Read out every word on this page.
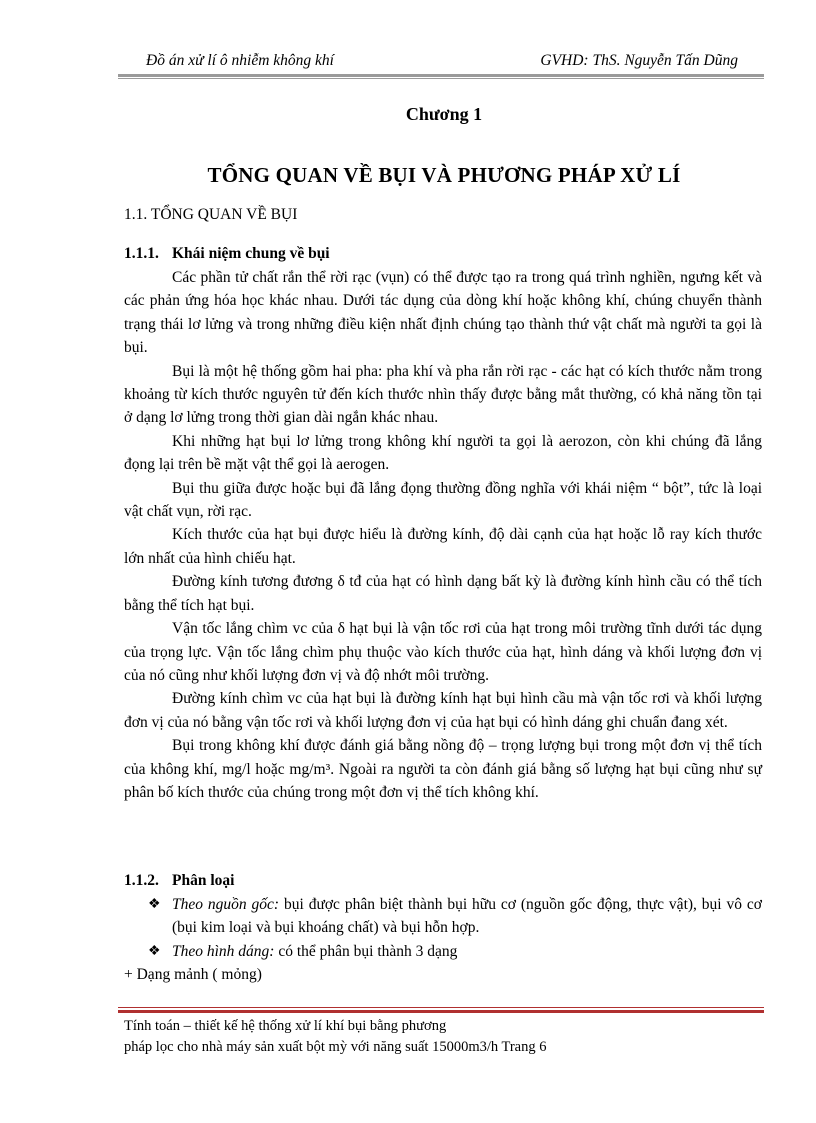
Đồ án xử lí ô nhiễm không khí	GVHD: ThS. Nguyễn Tấn Dũng
Chương 1
TỔNG QUAN VỀ BỤI VÀ PHƯƠNG PHÁP XỬ LÍ
1.1. TỔNG QUAN VỀ BỤI
1.1.1. Khái niệm chung về bụi

Các phần tử chất rắn thể rời rạc (vụn) có thể được tạo ra trong quá trình nghiền, ngưng kết và các phản ứng hóa học khác nhau. Dưới tác dụng của dòng khí hoặc không khí, chúng chuyển thành trạng thái lơ lửng và trong những điều kiện nhất định chúng tạo thành thứ vật chất mà người ta gọi là bụi.

Bụi là một hệ thống gồm hai pha: pha khí và pha rắn rời rạc - các hạt có kích thước nằm trong khoảng từ kích thước nguyên tử đến kích thước nhìn thấy được bằng mắt thường, có khả năng tồn tại ở dạng lơ lửng trong thời gian dài ngắn khác nhau.

Khi những hạt bụi lơ lửng trong không khí người ta gọi là aerozon, còn khi chúng đã lắng đọng lại trên bề mặt vật thể gọi là aerogen.

Bụi thu giữa được hoặc bụi đã lắng đọng thường đồng nghĩa với khái niệm “ bột”, tức là loại vật chất vụn, rời rạc.

Kích thước của hạt bụi được hiểu là đường kính, độ dài cạnh của hạt hoặc lỗ ray kích thước lớn nhất của hình chiếu hạt.

Đường kính tương đương δ tđ của hạt có hình dạng bất kỳ là đường kính hình cầu có thể tích bằng thể tích hạt bụi.

Vận tốc lắng chìm vc của δ hạt bụi là vận tốc rơi của hạt trong môi trường tĩnh dưới tác dụng của trọng lực. Vận tốc lắng chìm phụ thuộc vào kích thước của hạt, hình dáng và khối lượng đơn vị của nó cũng như khối lượng đơn vị và độ nhớt môi trường.

Đường kính chìm vc của hạt bụi là đường kính hạt bụi hình cầu mà vận tốc rơi và khối lượng đơn vị của nó bằng vận tốc rơi và khối lượng đơn vị của hạt bụi có hình dáng ghi chuẩn đang xét.

Bụi trong không khí được đánh giá bằng nồng độ – trọng lượng bụi trong một đơn vị thể tích của không khí, mg/l hoặc mg/m³. Ngoài ra người ta còn đánh giá bằng số lượng hạt bụi cũng như sự phân bố kích thước của chúng trong một đơn vị thể tích không khí.

1.1.2. Phân loại
❖ Theo nguồn gốc: bụi được phân biệt thành bụi hữu cơ (nguồn gốc động, thực vật), bụi vô cơ (bụi kim loại và bụi khoáng chất) và bụi hỗn hợp.
❖ Theo hình dáng: có thể phân bụi thành 3 dạng
+ Dạng mảnh ( mỏng)
Tính toán – thiết kế hệ thống xử lí khí bụi bằng phương
pháp lọc cho nhà máy sản xuất bột mỳ với năng suất 15000m3/h Trang 6
